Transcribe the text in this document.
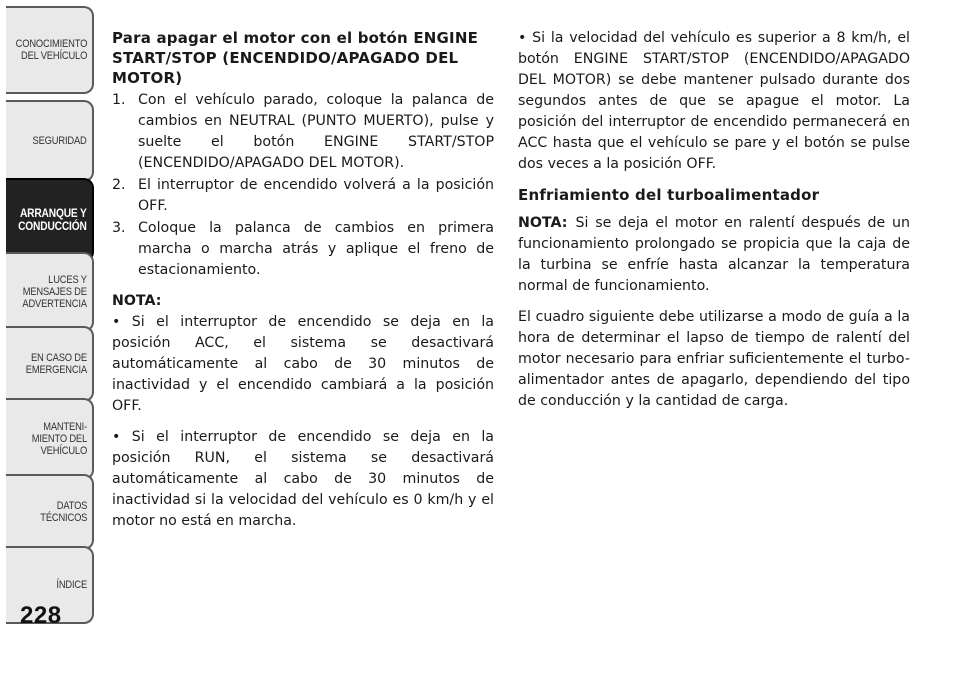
CONOCIMIENTO
DEL VEHÍCULO
SEGURIDAD
ARRANQUE Y
CONDUCCIÓN
LUCES Y
MENSAJES DE
ADVERTENCIA
EN CASO DE
EMERGENCIA
MANTENI-
MIENTO DEL
VEHÍCULO
DATOS
TÉCNICOS
ÍNDICE
228
Para apagar el motor con el botón ENGINE START/STOP (ENCENDIDO/APAGADO DEL MOTOR)
1. Con el vehículo parado, coloque la palanca de cambios en NEUTRAL (PUNTO MUERTO), pulse y suelte el botón ENGINE START/STOP (ENCENDIDO/APAGADO DEL MOTOR).
2. El interruptor de encendido volverá a la posición OFF.
3. Coloque la palanca de cambios en primera marcha o marcha atrás y aplique el freno de estacionamiento.
NOTA:

• Si el interruptor de encendido se deja en la posición ACC, el sistema se desactivará automáticamente al cabo de 30 minutos de inactividad y el encendido cambiará a la posición OFF.

• Si el interruptor de encendido se deja en la posición RUN, el sistema se desactivará automáticamente al cabo de 30 minutos de inactividad si la velocidad del vehículo es 0 km/h y el motor no está en marcha.

• Si la velocidad del vehículo es superior a 8 km/h, el botón ENGINE START/STOP (ENCENDIDO/APAGADO DEL MOTOR) se debe mantener pulsado durante dos segundos antes de que se apague el motor. La posición del interruptor de encendido permanecerá en ACC hasta que el vehículo se pare y el botón se pulse dos veces a la posición OFF.

Enfriamiento del turboalimentador

NOTA: Si se deja el motor en ralentí después de un funcionamiento prolongado se propicia que la caja de la turbina se enfríe hasta alcanzar la temperatura normal de funcionamiento.

El cuadro siguiente debe utilizarse a modo de guía a la hora de determinar el lapso de tiempo de ralentí del motor necesario para enfriar suficientemente el turbo-alimentador antes de apagarlo, dependiendo del tipo de conducción y la cantidad de carga.
